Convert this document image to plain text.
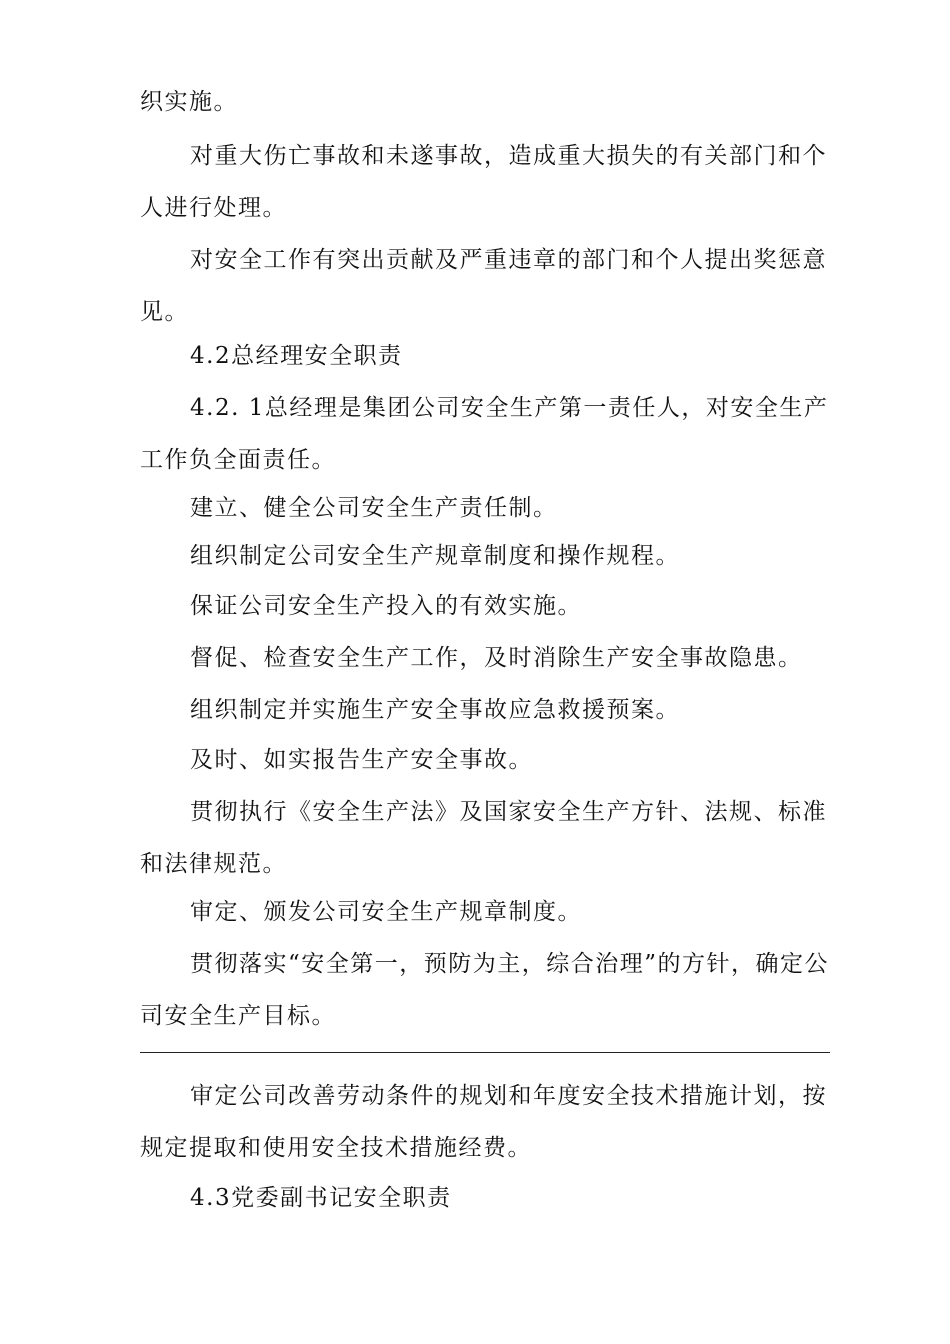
织实施。

对重大伤亡事故和未遂事故，造成重大损失的有关部门和个人进行处理。

对安全工作有突出贡献及严重违章的部门和个人提出奖惩意见。

4.2总经理安全职责

4.2. 1总经理是集团公司安全生产第一责任人，对安全生产工作负全面责任。

建立、健全公司安全生产责任制。

组织制定公司安全生产规章制度和操作规程。

保证公司安全生产投入的有效实施。

督促、检查安全生产工作，及时消除生产安全事故隐患。

组织制定并实施生产安全事故应急救援预案。

及时、如实报告生产安全事故。

贯彻执行《安全生产法》及国家安全生产方针、法规、标准和法律规范。

审定、颁发公司安全生产规章制度。

贯彻落实“安全第一，预防为主，综合治理”的方针，确定公司安全生产目标。

审定公司改善劳动条件的规划和年度安全技术措施计划，按规定提取和使用安全技术措施经费。

4.3党委副书记安全职责
